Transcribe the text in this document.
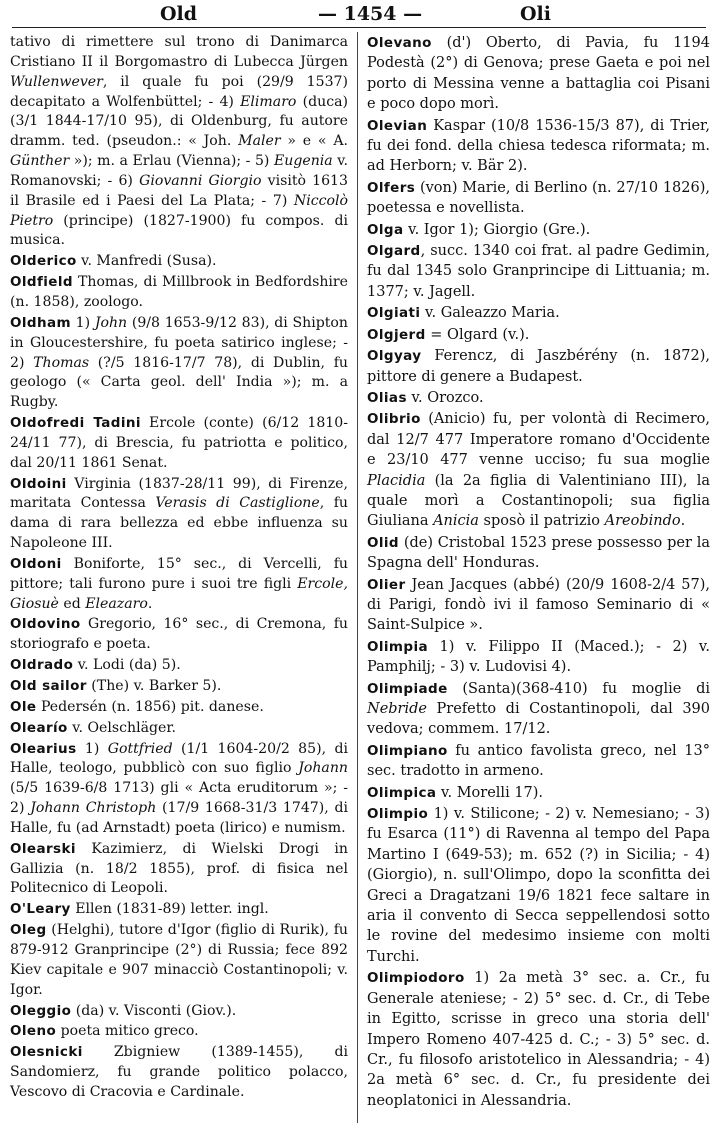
Old	— 1454 —	Oli
tativo di rimettere sul trono di Danimarca Cristiano II il Borgomastro di Lubecca Jürgen Wullenwever, il quale fu poi (29/9 1537) decapitato a Wolfenbüttel; - 4) Elimaro (duca) (3/1 1844-17/10 95), di Oldenburg, fu autore dramm. ted. (pseudon.: « Joh. Maler » e « A. Günther »); m. a Erlau (Vienna); - 5) Eugenia v. Romanovski; - 6) Giovanni Giorgio visitò 1613 il Brasile ed i Paesi del La Plata; - 7) Niccolò Pietro (principe) (1827-1900) fu compos. di musica.
Olderico v. Manfredi (Susa).
Oldfield Thomas, di Millbrook in Bedfordshire (n. 1858), zoologo.
Oldham 1) John (9/8 1653-9/12 83), di Shipton in Gloucestershire, fu poeta satirico inglese; - 2) Thomas (?/5 1816-17/7 78), di Dublin, fu geologo (« Carta geol. dell' India »); m. a Rugby.
Oldofredi Tadini Ercole (conte) (6/12 1810-24/11 77), di Brescia, fu patriotta e politico, dal 20/11 1861 Senat.
Oldoini Virginia (1837-28/11 99), di Firenze, maritata Contessa Verasis di Castiglione, fu dama di rara bellezza ed ebbe influenza su Napoleone III.
Oldoni Boniforte, 15° sec., di Vercelli, fu pittore; tali furono pure i suoi tre figli Ercole, Giosuè ed Eleazaro.
Oldovino Gregorio, 16° sec., di Cremona, fu storiografo e poeta.
Oldrado v. Lodi (da) 5).
Old sailor (The) v. Barker 5).
Ole Pedersén (n. 1856) pit. danese.
Olearío v. Oelschläger.
Olearius 1) Gottfried (1/1 1604-20/2 85), di Halle, teologo, pubblicò con suo figlio Johann (5/5 1639-6/8 1713) gli « Acta eruditorum »; - 2) Johann Christoph (17/9 1668-31/3 1747), di Halle, fu (ad Arnstadt) poeta (lirico) e numism.
Olearski Kazimierz, di Wielski Drogi in Gallizia (n. 18/2 1855), prof. di fisica nel Politecnico di Leopoli.
O'Leary Ellen (1831-89) letter. ingl.
Oleg (Helghi), tutore d'Igor (figlio di Rurik), fu 879-912 Granprincipe (2°) di Russia; fece 892 Kiev capitale e 907 minacciò Costantinopoli; v. Igor.
Oleggio (da) v. Visconti (Giov.).
Oleno poeta mitico greco.
Olesnicki Zbigniew (1389-1455), di Sandomierz, fu grande politico polacco, Vescovo di Cracovia e Cardinale.
Olevano (d') Oberto, di Pavia, fu 1194 Podestà (2°) di Genova; prese Gaeta e poi nel porto di Messina venne a battaglia coi Pisani e poco dopo morì.
Olevian Kaspar (10/8 1536-15/3 87), di Trier, fu dei fond. della chiesa tedesca riformata; m. ad Herborn; v. Bär 2).
Olfers (von) Marie, di Berlino (n. 27/10 1826), poetessa e novellista.
Olga v. Igor 1); Giorgio (Gre.).
Olgard, succ. 1340 coi frat. al padre Gedimin, fu dal 1345 solo Granprincipe di Littuania; m. 1377; v. Jagell.
Olgiati v. Galeazzo Maria.
Olgjerd = Olgard (v.).
Olgyay Ferencz, di Jaszbérény (n. 1872), pittore di genere a Budapest.
Olias v. Orozco.
Olibrio (Anicio) fu, per volontà di Recimero, dal 12/7 477 Imperatore romano d'Occidente e 23/10 477 venne ucciso; fu sua moglie Placidia (la 2a figlia di Valentiniano III), la quale morì a Costantinopoli; sua figlia Giuliana Anicia sposò il patrizio Areobindo.
Olid (de) Cristobal 1523 prese possesso per la Spagna dell' Honduras.
Olier Jean Jacques (abbé) (20/9 1608-2/4 57), di Parigi, fondò ivi il famoso Seminario di « Saint-Sulpice ».
Olimpia 1) v. Filippo II (Maced.); - 2) v. Pamphilj; - 3) v. Ludovisi 4).
Olimpiade (Santa)(368-410) fu moglie di Nebride Prefetto di Costantinopoli, dal 390 vedova; commem. 17/12.
Olimpiano fu antico favolista greco, nel 13° sec. tradotto in armeno.
Olimpica v. Morelli 17).
Olimpio 1) v. Stilicone; - 2) v. Nemesiano; - 3) fu Esarca (11°) di Ravenna al tempo del Papa Martino I (649-53); m. 652 (?) in Sicilia; - 4) (Giorgio), n. sull'Olimpo, dopo la sconfitta dei Greci a Dragatzani 19/6 1821 fece saltare in aria il convento di Secca seppellendosi sotto le rovine del medesimo insieme con molti Turchi.
Olimpiodoro 1) 2a metà 3° sec. a. Cr., fu Generale ateniese; - 2) 5° sec. d. Cr., di Tebe in Egitto, scrisse in greco una storia dell' Impero Romeno 407-425 d. C.; - 3) 5° sec. d. Cr., fu filosofo aristotelico in Alessandria; - 4) 2a metà 6° sec. d. Cr., fu presidente dei neoplatonici in Alessandria.
